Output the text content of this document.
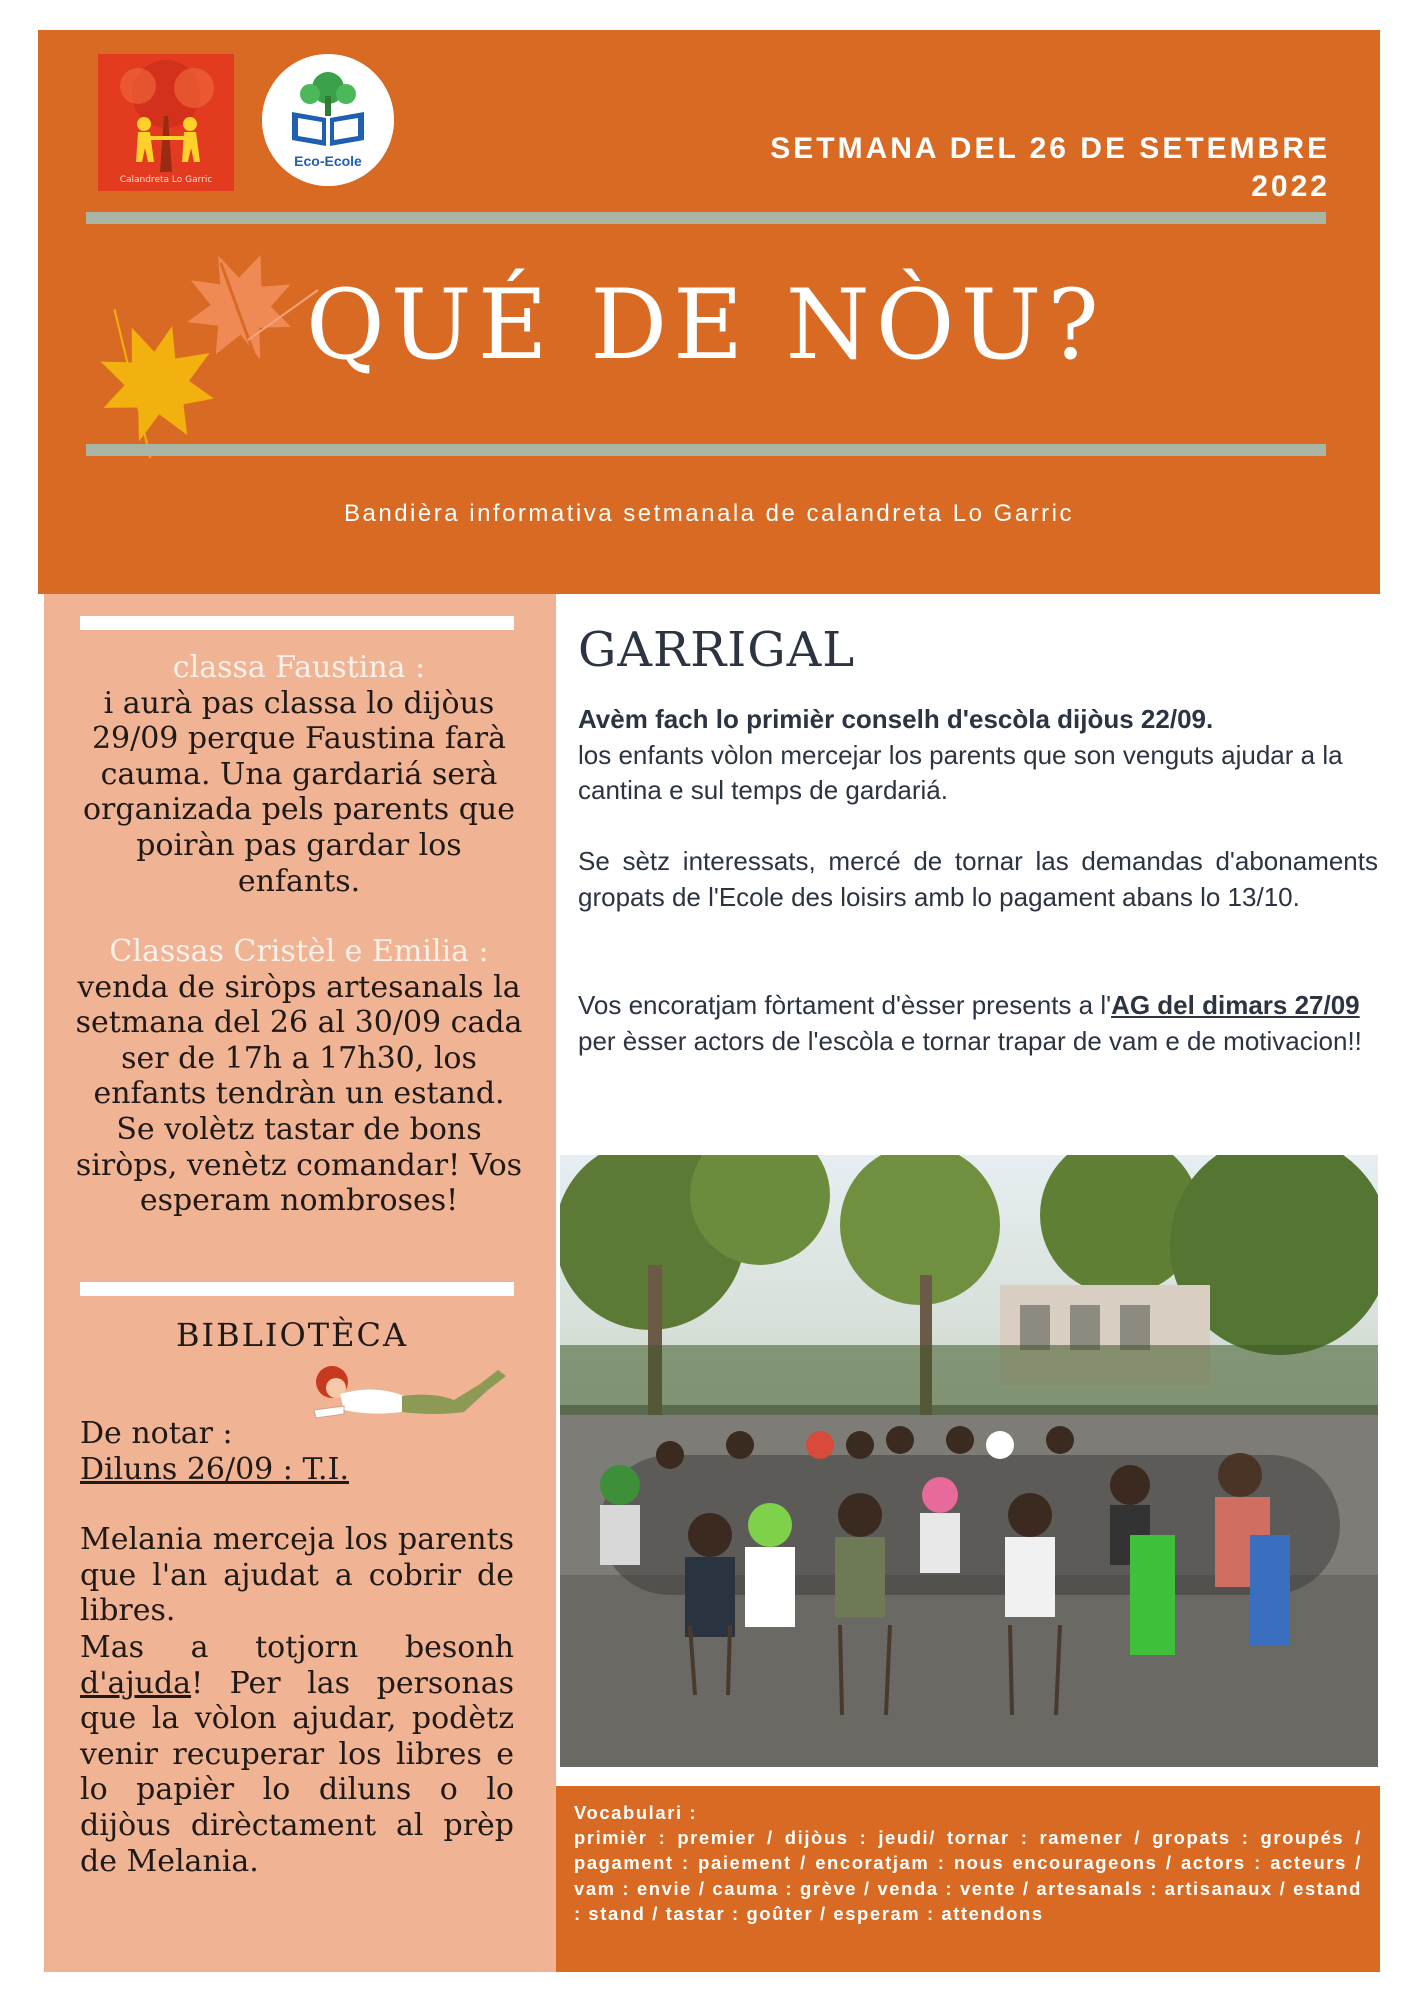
Calandreta Lo Garric
Eco-Ecole	SETMANA DEL 26 DE SETEMBRE
2022
QUÉ DE NÒU?
Bandièra informativa setmanala de calandreta Lo Garric
classa Faustina :
i aurà pas classa lo dijòus 29/09 perque Faustina farà cauma. Una gardariá serà organizada pels parents que poiràn pas gardar los enfants.
Classas Cristèl e Emilia :
venda de siròps artesanals la setmana del 26 al 30/09 cada ser de 17h a 17h30, los enfants tendràn un estand. Se volètz tastar de bons siròps, venètz comandar! Vos esperam nombroses!
BIBLIOTÈCA
De notar :
Diluns 26/09 : T.I.
Melania merceja los parents que l'an ajudat a cobrir de libres.
Mas a totjorn besonh d'ajuda! Per las personas que la vòlon ajudar, podètz venir recuperar los libres e lo papièr lo diluns o lo dijòus dirèctament al prèp de Melania.
GARRIGAL
Avèm fach lo primièr conselh d'escòla dijòus 22/09.
los enfants vòlon mercejar los parents que son venguts ajudar a la cantina e sul temps de gardariá.
Se sètz interessats, mercé de tornar las demandas d'abonaments gropats de l'Ecole des loisirs amb lo pagament abans lo 13/10.
Vos encoratjam fòrtament d'èsser presents a l'AG del dimars 27/09 per èsser actors de l'escòla e tornar trapar de vam e de motivacion!!
Vocabulari :
primièr : premier / dijòus : jeudi/ tornar : ramener / gropats : groupés / pagament : paiement / encoratjam : nous encourageons / actors : acteurs / vam : envie / cauma : grève / venda : vente / artesanals : artisanaux / estand : stand / tastar : goûter / esperam : attendons
